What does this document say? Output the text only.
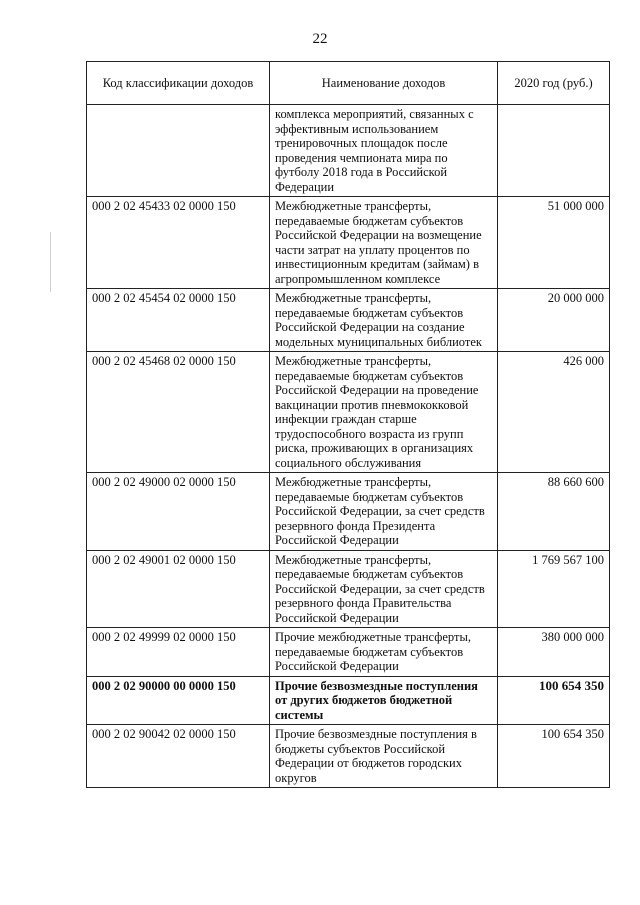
22
Код классификации доходов	Наименование доходов	2020 год (руб.)
	комплекса мероприятий, связанных с эффективным использованием тренировочных площадок после проведения чемпионата мира по футболу 2018 года в Российской Федерации	
000 2 02 45433 02 0000 150	Межбюджетные трансферты, передаваемые бюджетам субъектов Российской Федерации на возмещение части затрат на уплату процентов по инвестиционным кредитам (займам) в агропромышленном комплексе	51 000 000
000 2 02 45454 02 0000 150	Межбюджетные трансферты, передаваемые бюджетам субъектов Российской Федерации на создание модельных муниципальных библиотек	20 000 000
000 2 02 45468 02 0000 150	Межбюджетные трансферты, передаваемые бюджетам субъектов Российской Федерации на проведение вакцинации против пневмококковой инфекции граждан старше трудоспособного возраста из групп риска, проживающих в организациях социального обслуживания	426 000
000 2 02 49000 02 0000 150	Межбюджетные трансферты, передаваемые бюджетам субъектов Российской Федерации, за счет средств резервного фонда Президента Российской Федерации	88 660 600
000 2 02 49001 02 0000 150	Межбюджетные трансферты, передаваемые бюджетам субъектов Российской Федерации, за счет средств резервного фонда Правительства Российской Федерации	1 769 567 100
000 2 02 49999 02 0000 150	Прочие межбюджетные трансферты, передаваемые бюджетам субъектов Российской Федерации	380 000 000
000 2 02 90000 00 0000 150	Прочие безвозмездные поступления от других бюджетов бюджетной системы	100 654 350
000 2 02 90042 02 0000 150	Прочие безвозмездные поступления в бюджеты субъектов Российской Федерации от бюджетов городских округов	100 654 350
